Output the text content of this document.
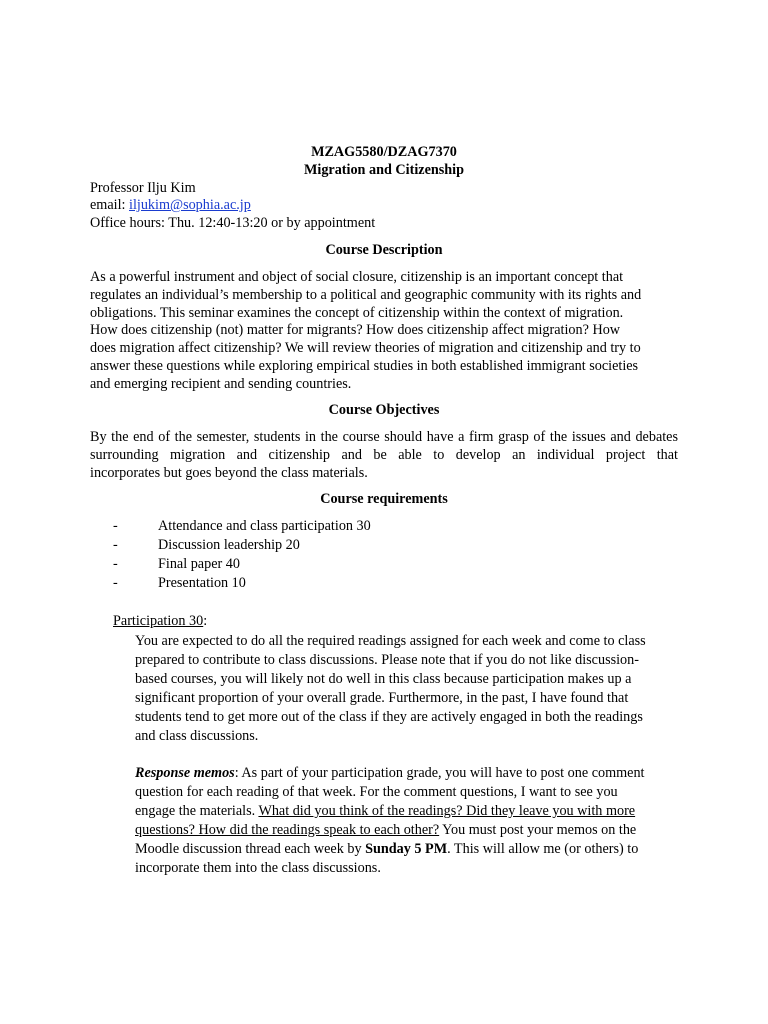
MZAG5580/DZAG7370
Migration and Citizenship
Professor Ilju Kim
email: iljukim@sophia.ac.jp
Office hours: Thu. 12:40-13:20 or by appointment
Course Description
As a powerful instrument and object of social closure, citizenship is an important concept that
regulates an individual’s membership to a political and geographic community with its rights and
obligations. This seminar examines the concept of citizenship within the context of migration.
How does citizenship (not) matter for migrants? How does citizenship affect migration? How
does migration affect citizenship? We will review theories of migration and citizenship and try to
answer these questions while exploring empirical studies in both established immigrant societies
and emerging recipient and sending countries.
Course Objectives
By the end of the semester, students in the course should have a firm grasp of the issues and debates
surrounding migration and citizenship and be able to develop an individual project that
incorporates but goes beyond the class materials.
Course requirements
-	Attendance and class participation 30
-	Discussion leadership 20
-	Final paper 40
-	Presentation 10
Participation 30:
You are expected to do all the required readings assigned for each week and come to class
prepared to contribute to class discussions. Please note that if you do not like discussion-
based courses, you will likely not do well in this class because participation makes up a
significant proportion of your overall grade. Furthermore, in the past, I have found that
students tend to get more out of the class if they are actively engaged in both the readings
and class discussions.
Response memos: As part of your participation grade, you will have to post one comment
question for each reading of that week. For the comment questions, I want to see you
engage the materials. What did you think of the readings? Did they leave you with more
questions? How did the readings speak to each other? You must post your memos on the
Moodle discussion thread each week by Sunday 5 PM. This will allow me (or others) to
incorporate them into the class discussions.
